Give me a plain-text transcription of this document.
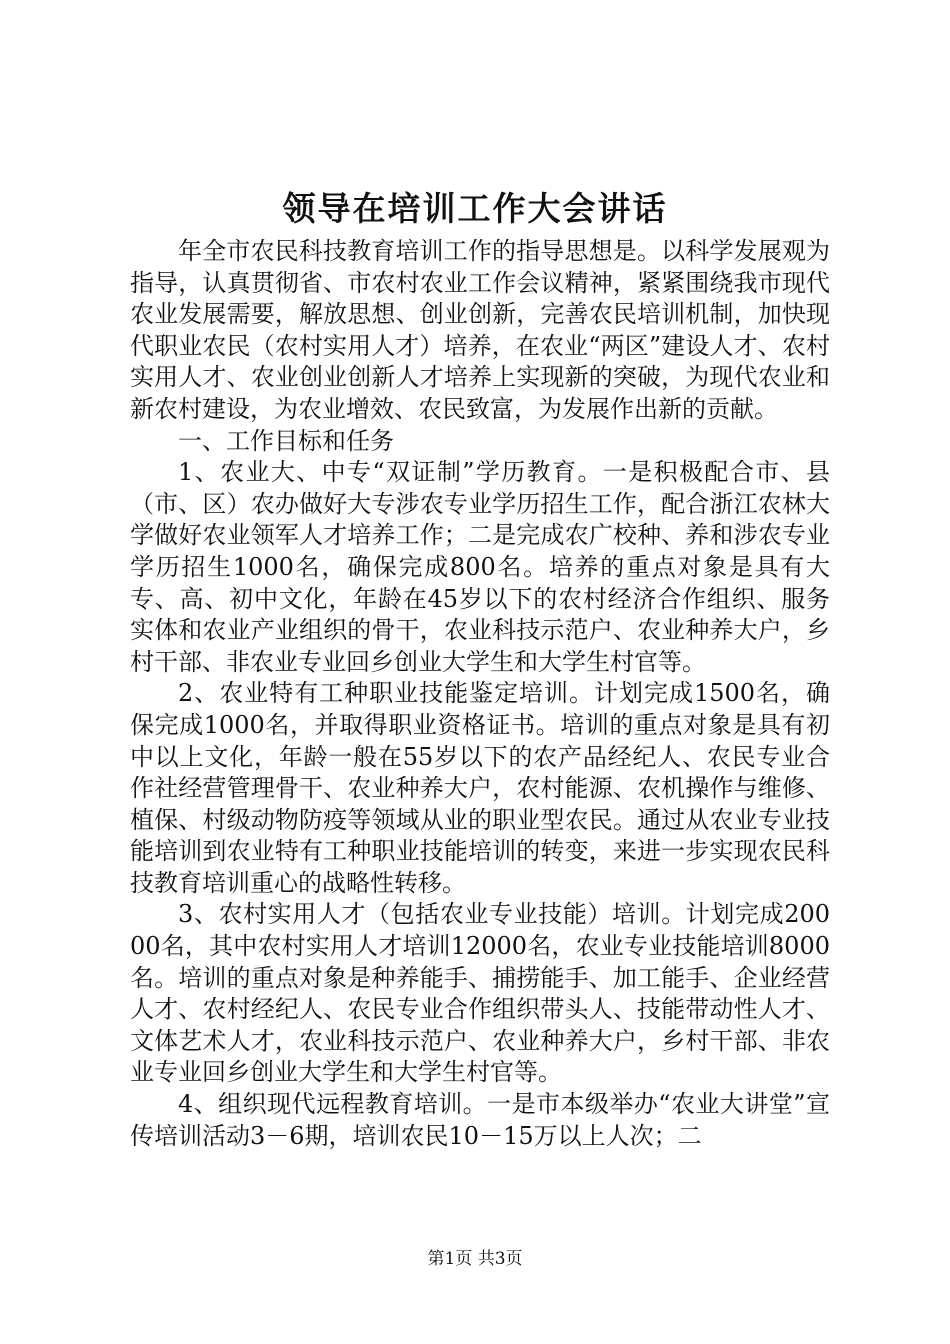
领导在培训工作大会讲话

年全市农民科技教育培训工作的指导思想是。以科学发展观为指导，认真贯彻省、市农村农业工作会议精神，紧紧围绕我市现代农业发展需要，解放思想、创业创新，完善农民培训机制，加快现代职业农民（农村实用人才）培养，在农业“两区”建设人才、农村实用人才、农业创业创新人才培养上实现新的突破，为现代农业和新农村建设，为农业增效、农民致富，为发展作出新的贡献。

一、工作目标和任务

1、农业大、中专“双证制”学历教育。一是积极配合市、县（市、区）农办做好大专涉农专业学历招生工作，配合浙江农林大学做好农业领军人才培养工作；二是完成农广校种、养和涉农专业学历招生1000名，确保完成800名。培养的重点对象是具有大专、高、初中文化，年龄在45岁以下的农村经济合作组织、服务实体和农业产业组织的骨干，农业科技示范户、农业种养大户，乡村干部、非农业专业回乡创业大学生和大学生村官等。

2、农业特有工种职业技能鉴定培训。计划完成1500名，确保完成1000名，并取得职业资格证书。培训的重点对象是具有初中以上文化，年龄一般在55岁以下的农产品经纪人、农民专业合作社经营管理骨干、农业种养大户，农村能源、农机操作与维修、植保、村级动物防疫等领域从业的职业型农民。通过从农业专业技能培训到农业特有工种职业技能培训的转变，来进一步实现农民科技教育培训重心的战略性转移。

3、农村实用人才（包括农业专业技能）培训。计划完成20000名，其中农村实用人才培训12000名，农业专业技能培训8000名。培训的重点对象是种养能手、捕捞能手、加工能手、企业经营人才、农村经纪人、农民专业合作组织带头人、技能带动性人才、文体艺术人才，农业科技示范户、农业种养大户，乡村干部、非农业专业回乡创业大学生和大学生村官等。

4、组织现代远程教育培训。一是市本级举办“农业大讲堂”宣传培训活动3－6期，培训农民10－15万以上人次；二

第1页 共3页
